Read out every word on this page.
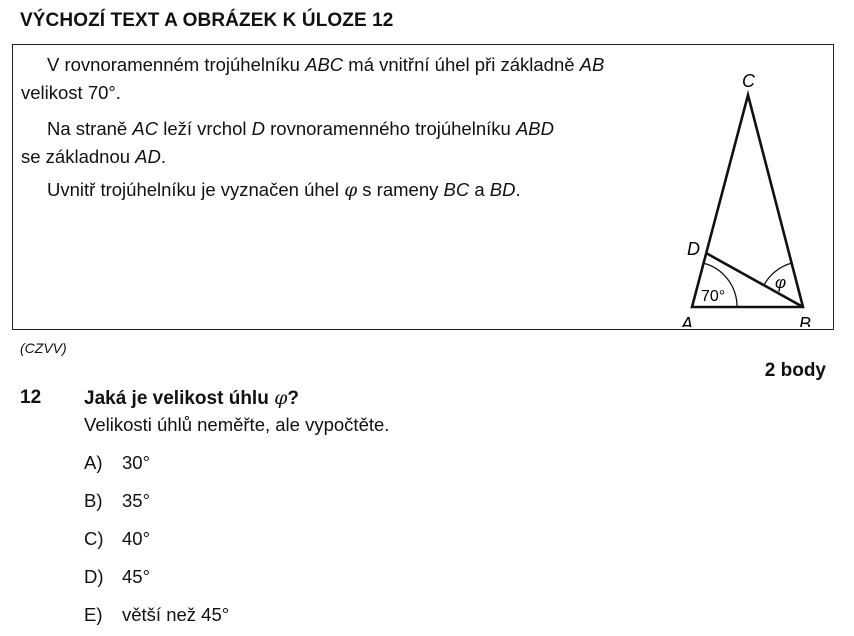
VÝCHOZÍ TEXT A OBRÁZEK K ÚLOZE 12
V rovnoramenném trojúhelníku ABC má vnitřní úhel při základně AB
velikost 70°.
Na straně AC leží vrchol D rovnoramenného trojúhelníku ABD
se základnou AD.
Uvnitř trojúhelníku je vyznačen úhel φ s rameny BC a BD.
C
D
A	B
70°
φ
(CZVV)
2 body
12 Jaká je velikost úhlu φ?
Velikosti úhlů neměřte, ale vypočtěte.
A) 30°
B) 35°
C) 40°
D) 45°
E) větší než 45°
